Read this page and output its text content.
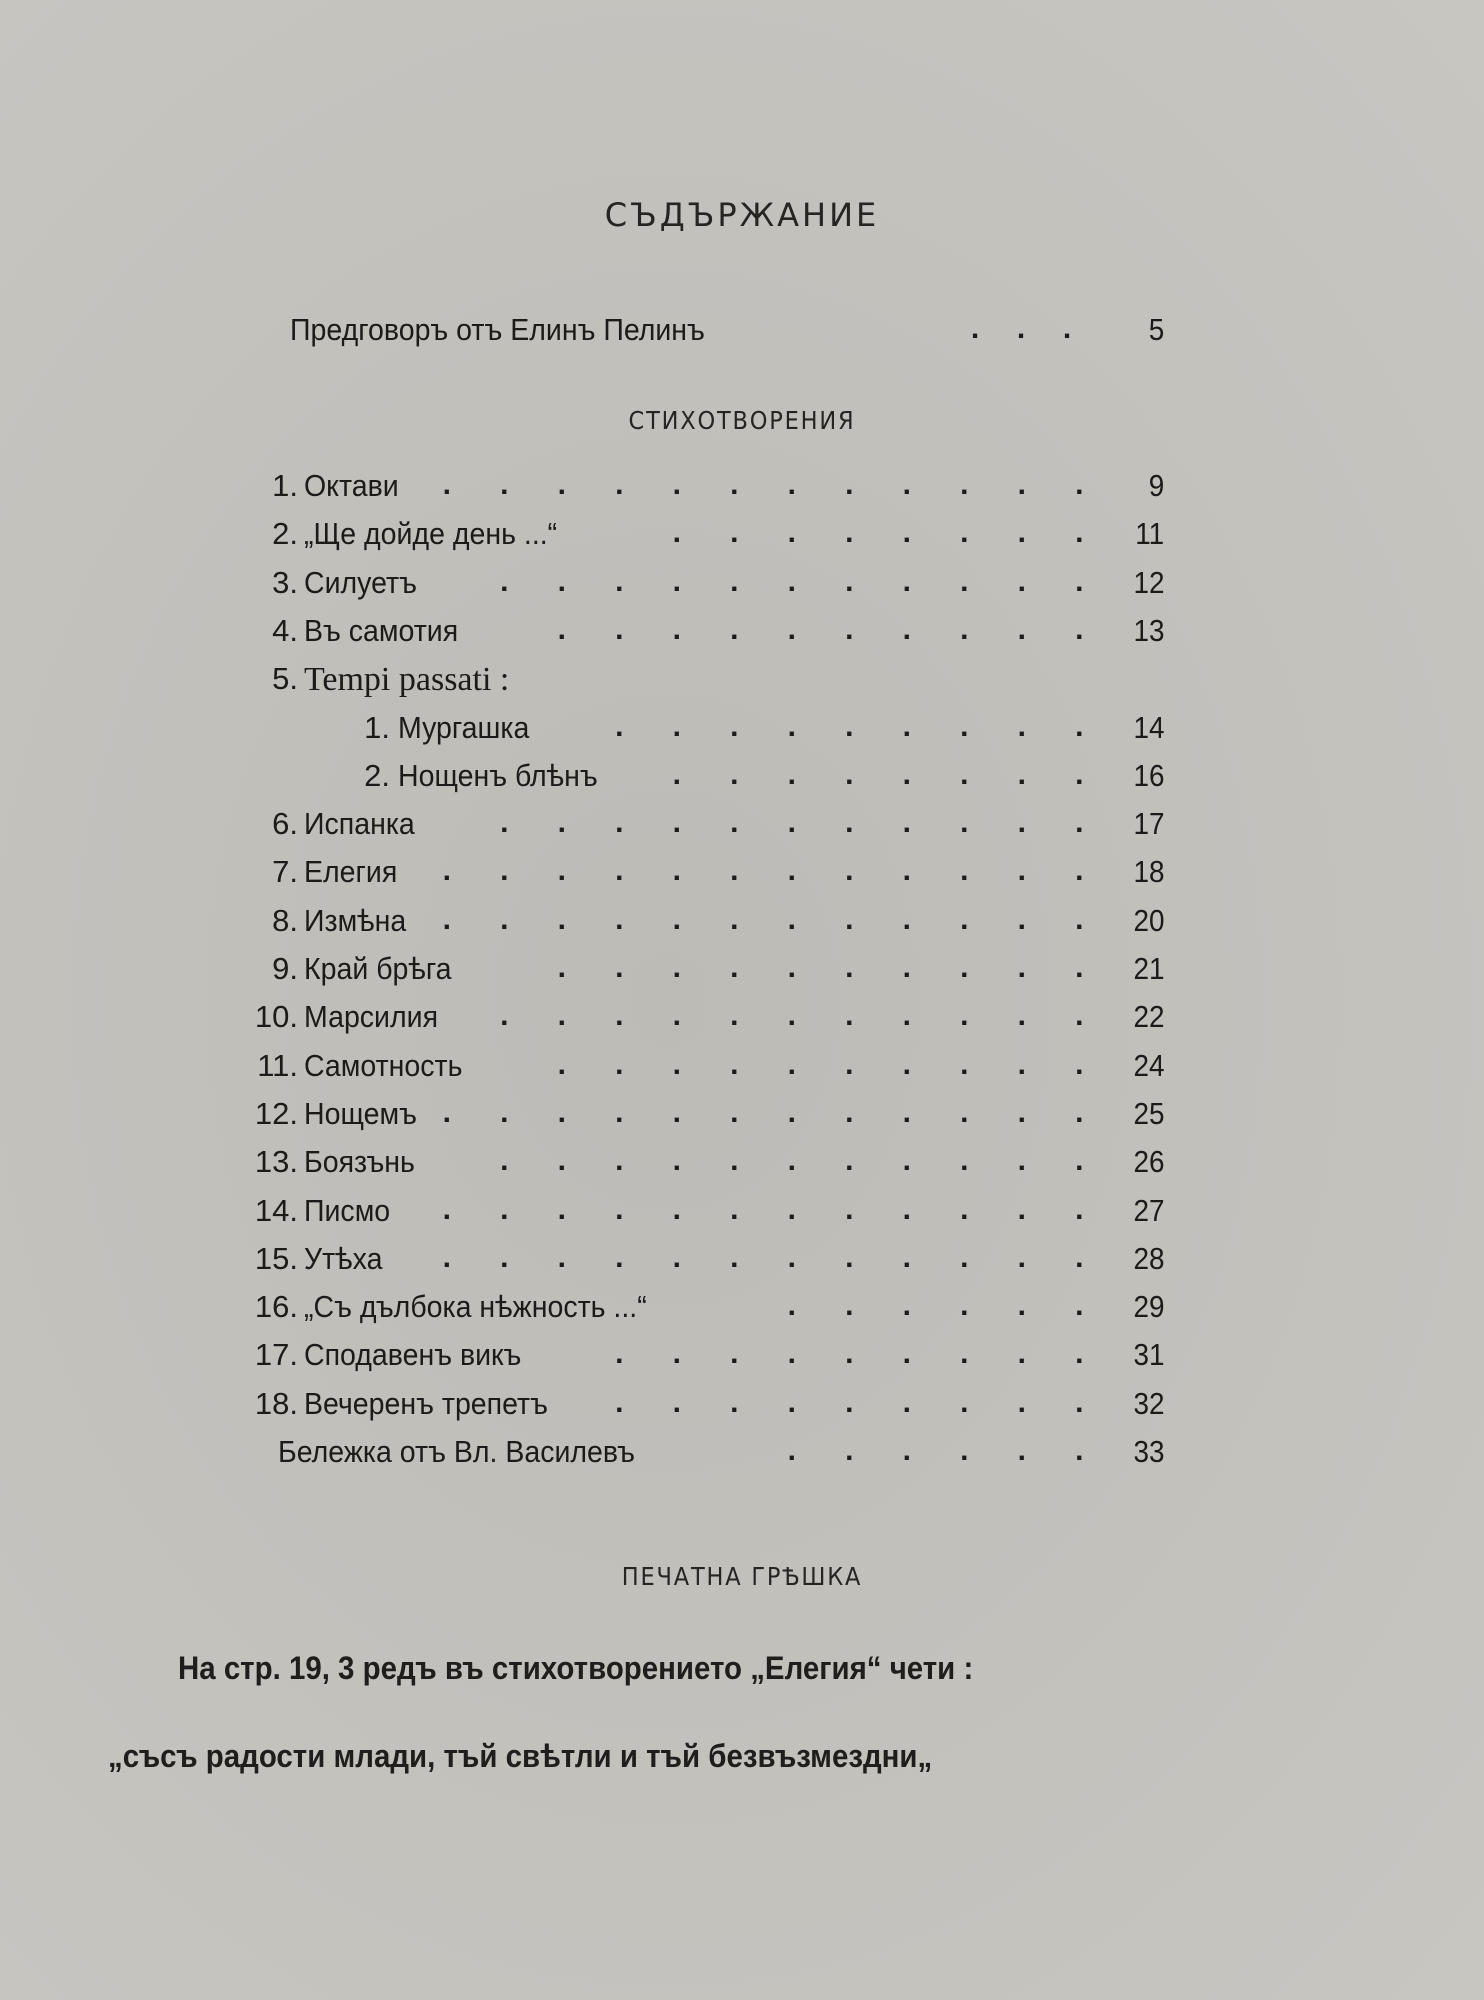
СЪДЪРЖАНИЕ
Предговоръ отъ Елинъ Пелинъ	. . .	5
СТИХОТВОРЕНИЯ
1. Октави	. . . . . . . . . . . .	9
2. „Ще дойде день ...“	. . . . . . . .	11
3. Силуетъ	. . . . . . . . . . .	12
4. Въ самотия	. . . . . . . . . .	13
5. Tempi passati :
1. Мургашка	. . . . . . . . .	14
2. Нощенъ блѣнъ	. . . . . . . .	16
6. Испанка	. . . . . . . . . . .	17
7. Елегия	. . . . . . . . . . . .	18
8. Измѣна	. . . . . . . . . . . .	20
9. Край брѣга	. . . . . . . . . .	21
10. Марсилия	. . . . . . . . . . .	22
11. Самотность	. . . . . . . . . .	24
12. Нощемъ . . . . . . . . . . . .	25
13. Боязънь	. . . . . . . . . . .	26
14. Писмо	. . . . . . . . . . . .	27
15. Утѣха	. . . . . . . . . . . .	28
16. „Съ дълбока нѣжность ...“	. . . . . .	29
17. Сподавенъ викъ	. . . . . . . . .	31
18. Вечеренъ трепетъ	. . . . . . . . .	32
Бележка отъ Вл. Василевъ	. . . . . .	33
ПЕЧАТНА ГРѢШКА
На стр. 19, 3 редъ въ стихотворението „Елегия“ чети :
„съсъ радости млади, тъй свѣтли и тъй безвъзмездни„
